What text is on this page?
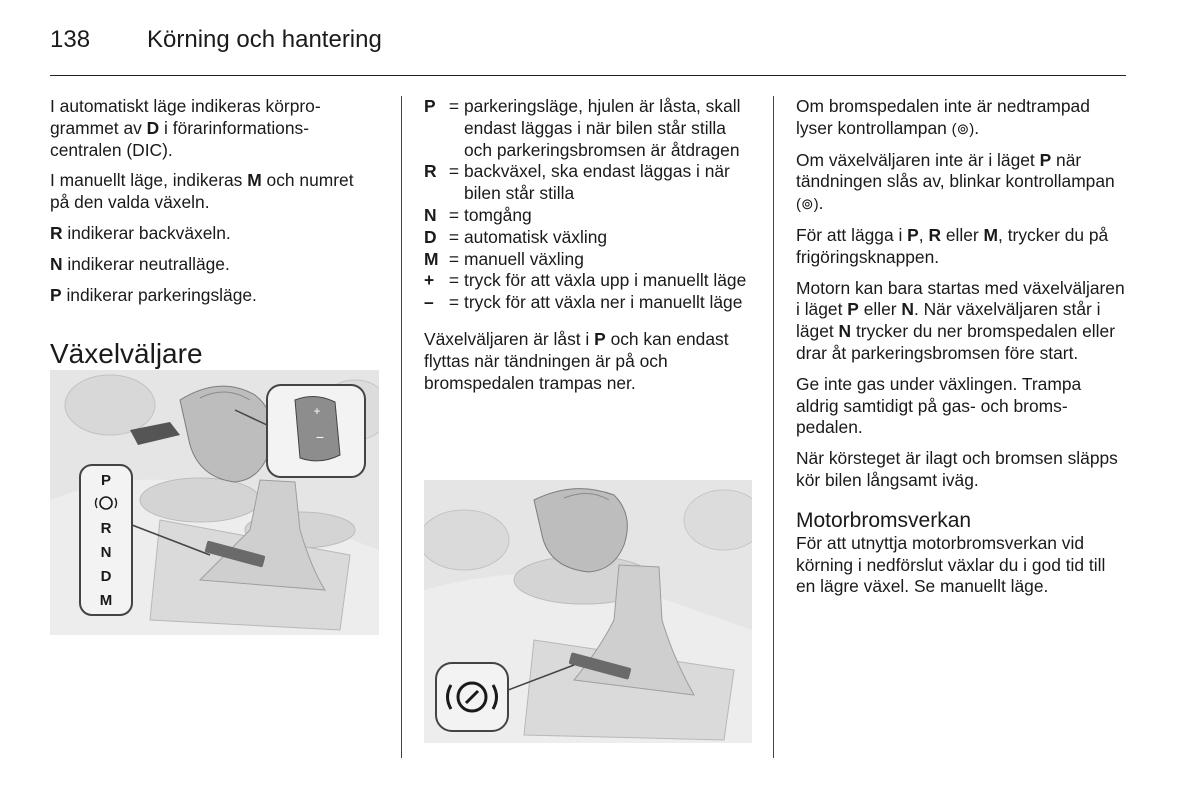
138 Körning och hantering

I automatiskt läge indikeras körprogrammet av D i förarinformationscentralen (DIC).

I manuellt läge, indikeras M och numret på den valda växeln.

R indikerar backväxeln.

N indikerar neutralläge.

P indikerar parkeringsläge.

Växelväljare
+
−
P
R
N
D
M
P = parkeringsläge, hjulen är låsta, skall endast läggas i när bilen står stilla och parkeringsbromsen är åtdragen
R = backväxel, ska endast läggas i när bilen står stilla
N = tomgång
D = automatisk växling
M = manuell växling
+ = tryck för att växla upp i manuellt läge
– = tryck för att växla ner i manuellt läge

Växelväljaren är låst i P och kan endast flyttas när tändningen är på och bromspedalen trampas ner.

Om bromspedalen inte är nedtrampad lyser kontrollampan (⊚).

Om växelväljaren inte är i läget P när tändningen slås av, blinkar kontrollampan (⊚).

För att lägga i P, R eller M, trycker du på frigöringsknappen.

Motorn kan bara startas med växelväljaren i läget P eller N. När växelväljaren står i läget N trycker du ner bromspedalen eller drar åt parkeringsbromsen före start.

Ge inte gas under växlingen. Trampa aldrig samtidigt på gas- och bromspedalen.

När körsteget är ilagt och bromsen släpps kör bilen långsamt iväg.

Motorbromsverkan

För att utnyttja motorbromsverkan vid körning i nedförslut växlar du i god tid till en lägre växel. Se manuellt läge.
